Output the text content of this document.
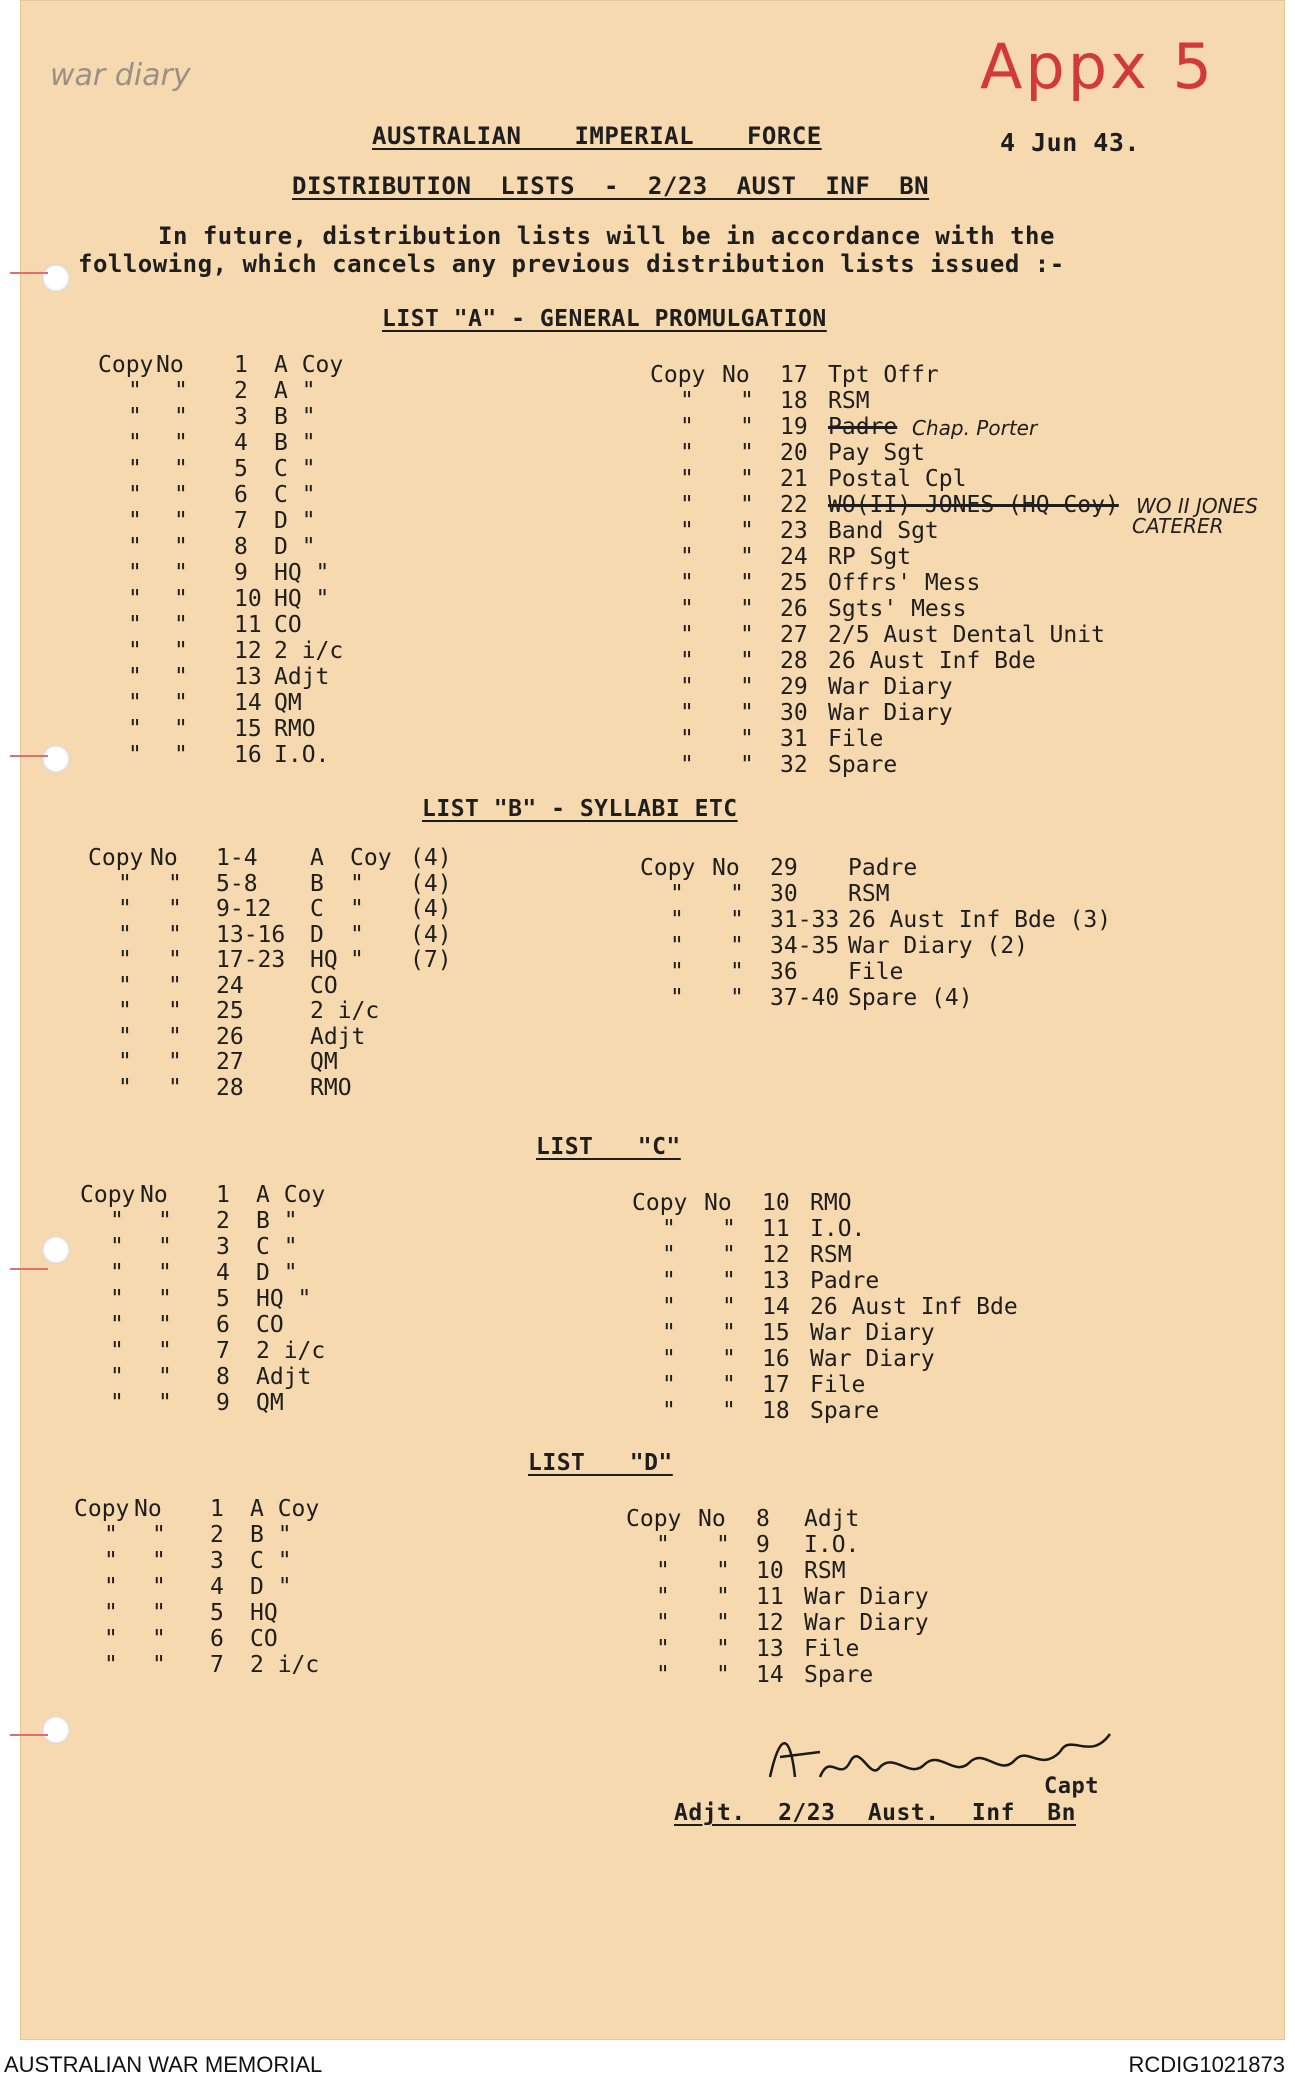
war diary	Appx 5
AUSTRALIAN IMPERIAL FORCE	4 Jun 43.
DISTRIBUTION LISTS - 2/23 AUST INF BN
In future, distribution lists will be in accordance with the
following, which cancels any previous distribution lists issued :-
LIST "A" - GENERAL PROMULGATION
LIST "B" - SYLLABI ETC
LIST "C"
LIST "D"
Copy No 1 A Coy
" " 2 A "
" " 3 B "
" " 4 B "
" " 5 C "
" " 6 C "
" " 7 D "
" " 8 D "
" " 9 HQ "
" " 10 HQ "
" " 11 CO
" " 12 2 i/c
" " 13 Adjt
" " 14 QM
" " 15 RMO
" " 16 I.O.
Copy No 17 Tpt Offr
" " 18 RSM
" " 19 Padre Chap. Porter
" " 20 Pay Sgt
" " 21 Postal Cpl
" " 22 WO(II) JONES (HQ Coy) WO II JONES
" " 23 Band Sgt
" " 24 RP Sgt
" " 25 Offrs' Mess
" " 26 Sgts' Mess
" " 27 2/5 Aust Dental Unit
" " 28 26 Aust Inf Bde
" " 29 War Diary
" " 30 War Diary
" " 31 File
" " 32 Spare
CATERER
Copy No 1-4 A Coy (4)
" " 5-8 B " (4)
" " 9-12 C " (4)
" " 13-16 D " (4)
" " 17-23 HQ " (7)
" " 24	CO
" " 25	2 i/c
" " 26	Adjt
" " 27	QM
" " 28	RMO
Copy No 29 Padre
" " 30 RSM
" " 31-33 26 Aust Inf Bde (3)
" " 34-35 War Diary (2)
" " 36 File
" " 37-40 Spare (4)
Copy No 1 A Coy
" " 2 B "
" " 3 C "
" " 4 D "
" " 5 HQ "
" " 6 CO
" " 7 2 i/c
" " 8 Adjt
" " 9 QM
Copy No 10 RMO
" " 11 I.O.
" " 12 RSM
" " 13 Padre
" " 14 26 Aust Inf Bde
" " 15 War Diary
" " 16 War Diary
" " 17 File
" " 18 Spare
Copy No 1 A Coy
" " 2 B "
" " 3 C "
" " 4 D "
" " 5 HQ
" " 6 CO
" " 7 2 i/c
Copy No 8 Adjt
" " 9 I.O.
" " 10 RSM
" " 11 War Diary
" " 12 War Diary
" " 13 File
" " 14 Spare
Capt
Adjt. 2/23 Aust. Inf Bn
AUSTRALIAN WAR MEMORIAL	RCDIG1021873
